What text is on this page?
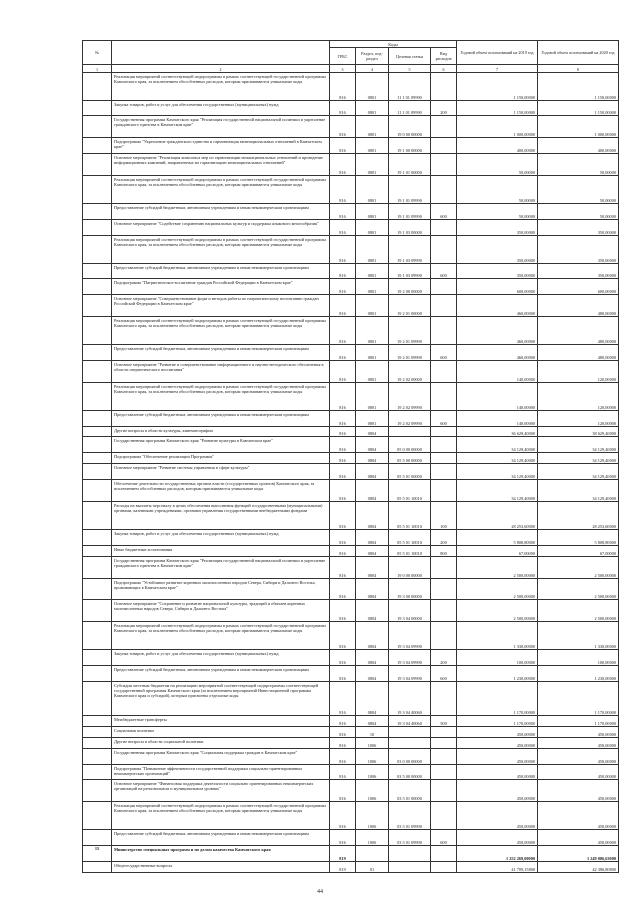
№		Коды				Годовой объем ассигнований на 2019 год	Годовой объем ассигнований на 2020 год
		ГРБС	Раздел, под-раздел	Целевая статья	Вид расходов		
1	2	3	4	5	6	7	8
	Реализация мероприятий соответствующей подпрограммы в рамках соответствующей государственной программы Камчатского края, за исключением обособленных расходов, которым присваиваются уникальные коды	816	0801	11 1 01 09990		1 150,00000	1 150,00000
	Закупка товаров, работ и услуг для обеспечения государственных (муниципальных) нужд	816	0801	11 1 01 09990	200	1 150,00000	1 150,00000
	Государственная программа Камчатского края "Реализация государственной национальной политики и укрепление гражданского единства в Камчатском крае"	816	0801	19 0 00 00000		1 000,00000	1 000,00000
	Подпрограмма "Укрепление гражданского единства и гармонизация межнациональных отношений в Камчатском крае"	816	0801	19 1 00 00000		400,00000	400,00000
	Основное мероприятие "Реализация комплекса мер по гармонизации межнациональных отношений и проведение информационных кампаний, направленных на гармонизацию межнациональных отношений"	816	0801	19 1 01 00000		50,00000	50,00000
	Реализация мероприятий соответствующей подпрограммы в рамках соответствующей государственной программы Камчатского края, за исключением обособленных расходов, которым присваиваются уникальные коды	816	0801	19 1 01 09990		50,00000	50,00000
	Предоставление субсидий бюджетным, автономным учреждениям и иным некоммерческим организациям	816	0801	19 1 01 09990	600	50,00000	50,00000
	Основное мероприятие "Содействие сохранению национальных культур и поддержка языкового многообразия"	816	0801	19 1 03 00000		350,00000	350,00000
	Реализация мероприятий соответствующей подпрограммы в рамках соответствующей государственной программы Камчатского края, за исключением обособленных расходов, которым присваиваются уникальные коды	816	0801	19 1 03 09990		350,00000	350,00000
	Предоставление субсидий бюджетным, автономным учреждениям и иным некоммерческим организациям	816	0801	19 1 03 09990	600	350,00000	350,00000
	Подпрограмма "Патриотическое воспитание граждан Российской Федерации в Камчатском крае"	816	0801	19 2 00 00000		600,00000	600,00000
	Основное мероприятие "Совершенствование форм и методов работы по патриотическому воспитанию граждан Российской Федерации в Камчатском крае"	816	0801	19 2 01 00000		460,00000	480,00000
	Реализация мероприятий соответствующей подпрограммы в рамках соответствующей государственной программы Камчатского края, за исключением обособленных расходов, которым присваиваются уникальные коды	816	0801	19 2 01 09990		460,00000	480,00000
	Предоставление субсидий бюджетным, автономным учреждениям и иным некоммерческим организациям	816	0801	19 2 01 09990	600	460,00000	480,00000
	Основное мероприятие "Развитие и совершенствование информационного и научно-методического обеспечения в области патриотического воспитания"	816	0801	19 2 02 00000		140,00000	120,00000
	Реализация мероприятий соответствующей подпрограммы в рамках соответствующей государственной программы Камчатского края, за исключением обособленных расходов, которым присваиваются уникальные коды	816	0801	19 2 02 09990		140,00000	120,00000
	Предоставление субсидий бюджетным, автономным учреждениям и иным некоммерческим организациям	816	0801	19 2 02 09990	600	140,00000	120,00000
	Другие вопросы в области культуры, кинематографии	816	0804			36 629,40000	38 629,40000
	Государственная программа Камчатского края "Развитие культуры в Камчатском крае"	816	0804	05 0 00 00000		34 129,40000	34 129,40000
	Подпрограмма "Обеспечение реализации Программы"	816	0804	05 5 00 00000		34 129,40000	34 129,40000
	Основное мероприятие "Развитие системы управления в сфере культуры"	816	0804	05 5 01 00000		34 129,40000	34 129,40000
	Обеспечение деятельности государственных органов власти (государственных органов) Камчатского края, за исключением обособленных расходов, которым присваиваются уникальные коды	816	0804	05 5 01 10010		34 129,40000	34 129,40000
	Расходы на выплаты персоналу в целях обеспечения выполнения функций государственными (муниципальными) органами, казенными учреждениями, органами управления государственными внебюджетными фондами	816	0804	05 5 01 10010	100	28 253,60000	28 253,60000
	Закупка товаров, работ и услуг для обеспечения государственных (муниципальных) нужд	816	0804	05 5 01 10010	200	5 808,80000	5 808,80000
	Иные бюджетные ассигнования	816	0804	05 5 01 10010	800	67,00000	67,00000
	Государственная программа Камчатского края "Реализация государственной национальной политики и укрепление гражданского единства в Камчатском крае"	816	0804	19 0 00 00000		2 500,00000	2 500,00000
	Подпрограмма "Устойчивое развитие коренных малочисленных народов Севера, Сибири и Дальнего Востока, проживающих в Камчатском крае"	816	0804	19 3 00 00000		2 500,00000	2 500,00000
	Основное мероприятие "Сохранение и развитие национальной культуры, традиций и обычаев коренных малочисленных народов Севера, Сибири и Дальнего Востока"	816	0804	19 3 04 00000		2 500,00000	2 500,00000
	Реализация мероприятий соответствующей подпрограммы в рамках соответствующей государственной программы Камчатского края, за исключением обособленных расходов, которым присваиваются уникальные коды	816	0804	19 3 04 09990		1 330,00000	1 330,00000
	Закупка товаров, работ и услуг для обеспечения государственных (муниципальных) нужд	816	0804	19 3 04 09990	200	100,00000	100,00000
	Предоставление субсидий бюджетным, автономным учреждениям и иным некоммерческим организациям	816	0804	19 3 04 09990	600	1 230,00000	1 230,00000
	Субсидии местным бюджетам на реализацию мероприятий соответствующей подпрограммы соответствующей государственной программы Камчатского края (за исключением мероприятий Инвестиционной программы Камчатского края и субсидий), которым присвоены отдельные коды	816	0804	19 3 04 40060		1 170,00000	1 170,00000
	Межбюджетные трансферты	816	0804	19 3 04 40060	500	1 170,00000	1 170,00000
	Социальная политика	816	10			450,00000	450,00000
	Другие вопросы в области социальной политики	816	1006			450,00000	450,00000
	Государственная программа Камчатского края "Социальная поддержка граждан в Камчатском крае"	816	1006	03 0 00 00000		450,00000	450,00000
	Подпрограмма "Повышение эффективности государственной поддержки социально-ориентированных некоммерческих организаций"	816	1006	03 5 00 00000		450,00000	450,00000
	Основное мероприятие "Финансовая поддержка деятельности социально ориентированных некоммерческих организаций на региональном и муниципальном уровнях"	816	1006	03 5 01 00000		450,00000	450,00000
	Реализация мероприятий соответствующей подпрограммы в рамках соответствующей государственной программы Камчатского края, за исключением обособленных расходов, которым присваиваются уникальные коды	816	1006	03 5 01 09990		450,00000	450,00000
	Предоставление субсидий бюджетным, автономным учреждениям и иным некоммерческим организациям	816	1006	03 5 01 09990	600	450,00000	450,00000
15	Министерство специальных программ и по делам казачества Камчатского края	819				1 252 269,00000	1 249 006,63000
	Общегосударственные вопросы	819	01			41 709,15800	42 386,80800
44
